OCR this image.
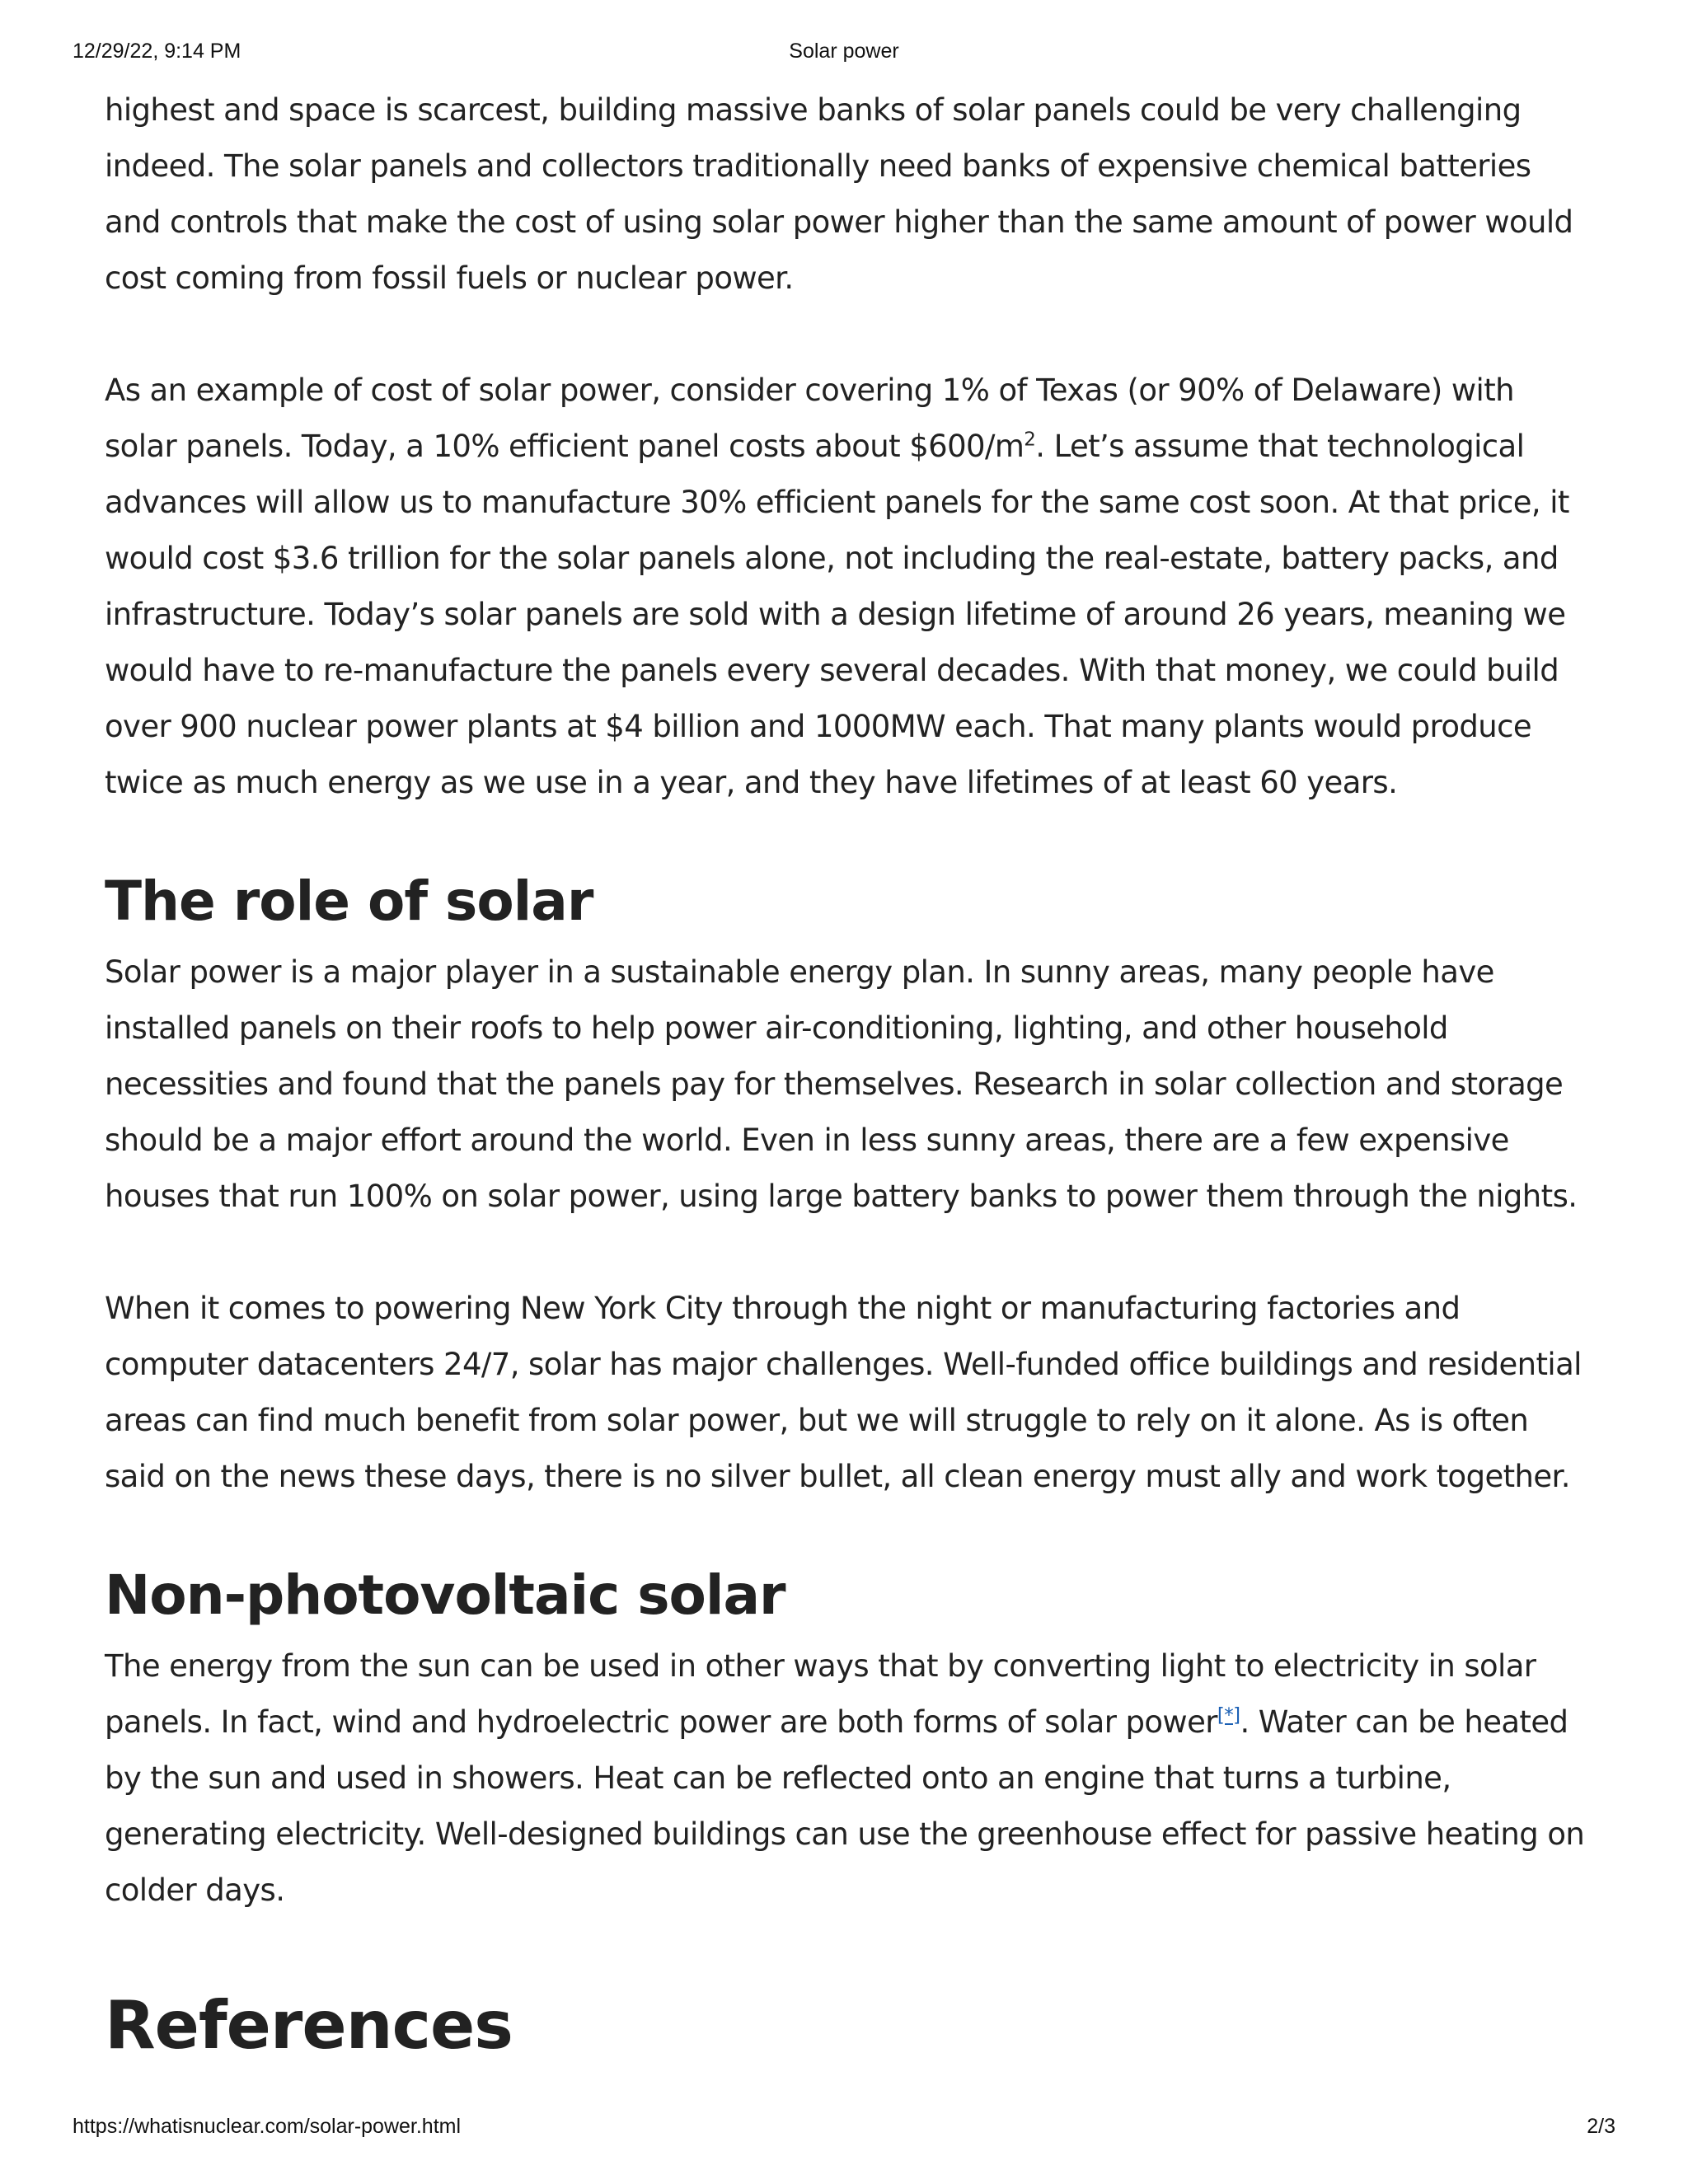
12/29/22, 9:14 PM	Solar power

highest and space is scarcest, building massive banks of solar panels could be very challenging indeed. The solar panels and collectors traditionally need banks of expensive chemical batteries and controls that make the cost of using solar power higher than the same amount of power would cost coming from fossil fuels or nuclear power.

As an example of cost of solar power, consider covering 1% of Texas (or 90% of Delaware) with solar panels. Today, a 10% efficient panel costs about $\$600/m^2$. Let’s assume that technological advances will allow us to manufacture 30% efficient panels for the same cost soon. At that price, it would cost $3.6 trillion for the solar panels alone, not including the real-estate, battery packs, and infrastructure. Today’s solar panels are sold with a design lifetime of around 26 years, meaning we would have to re-manufacture the panels every several decades. With that money, we could build over 900 nuclear power plants at $4 billion and 1000MW each. That many plants would produce twice as much energy as we use in a year, and they have lifetimes of at least 60 years.

The role of solar

Solar power is a major player in a sustainable energy plan. In sunny areas, many people have installed panels on their roofs to help power air-conditioning, lighting, and other household necessities and found that the panels pay for themselves. Research in solar collection and storage should be a major effort around the world. Even in less sunny areas, there are a few expensive houses that run 100% on solar power, using large battery banks to power them through the nights.

When it comes to powering New York City through the night or manufacturing factories and computer datacenters 24/7, solar has major challenges. Well-funded office buildings and residential areas can find much benefit from solar power, but we will struggle to rely on it alone. As is often said on the news these days, there is no silver bullet, all clean energy must ally and work together.

Non-photovoltaic solar

The energy from the sun can be used in other ways that by converting light to electricity in solar panels. In fact, wind and hydroelectric power are both forms of solar power[*]. Water can be heated by the sun and used in showers. Heat can be reflected onto an engine that turns a turbine, generating electricity. Well-designed buildings can use the greenhouse effect for passive heating on colder days.

References
https://whatisnuclear.com/solar-power.html	2/3
